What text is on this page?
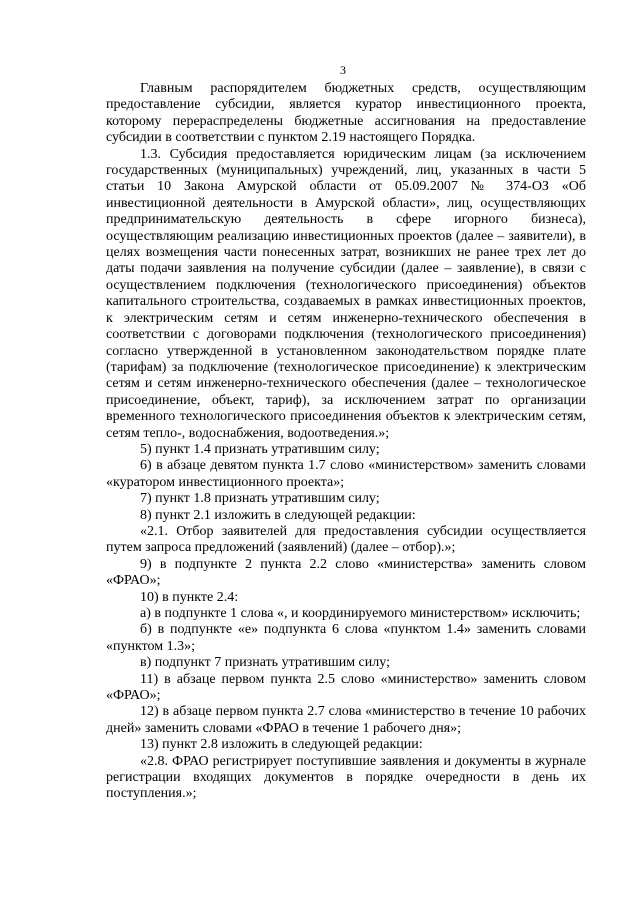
3

Главным распорядителем бюджетных средств, осуществляющим предоставление субсидии, является куратор инвестиционного проекта, которому перераспределены бюджетные ассигнования на предоставление субсидии в соответствии с пунктом 2.19 настоящего Порядка.

1.3. Субсидия предоставляется юридическим лицам (за исключением государственных (муниципальных) учреждений, лиц, указанных в части 5 статьи 10 Закона Амурской области от 05.09.2007 № 374-ОЗ «Об инвестиционной деятельности в Амурской области», лиц, осуществляющих предпринимательскую деятельность в сфере игорного бизнеса), осуществляющим реализацию инвестиционных проектов (далее – заявители), в целях возмещения части понесенных затрат, возникших не ранее трех лет до даты подачи заявления на получение субсидии (далее – заявление), в связи с осуществлением подключения (технологического присоединения) объектов капитального строительства, создаваемых в рамках инвестиционных проектов, к электрическим сетям и сетям инженерно-технического обеспечения в соответствии с договорами подключения (технологического присоединения) согласно утвержденной в установленном законодательством порядке плате (тарифам) за подключение (технологическое присоединение) к электрическим сетям и сетям инженерно-технического обеспечения (далее – технологическое присоединение, объект, тариф), за исключением затрат по организации временного технологического присоединения объектов к электрическим сетям, сетям тепло-, водоснабжения, водоотведения.»;

5) пункт 1.4 признать утратившим силу;

6) в абзаце девятом пункта 1.7 слово «министерством» заменить словами «куратором инвестиционного проекта»;

7) пункт 1.8 признать утратившим силу;

8) пункт 2.1 изложить в следующей редакции:

«2.1. Отбор заявителей для предоставления субсидии осуществляется путем запроса предложений (заявлений) (далее – отбор).»;

9) в подпункте 2 пункта 2.2 слово «министерства» заменить словом «ФРАО»;

10) в пункте 2.4:

а) в подпункте 1 слова «, и координируемого министерством» исключить;

б) в подпункте «е» подпункта 6 слова «пунктом 1.4» заменить словами «пунктом 1.3»;

в) подпункт 7 признать утратившим силу;

11) в абзаце первом пункта 2.5 слово «министерство» заменить словом «ФРАО»;

12) в абзаце первом пункта 2.7 слова «министерство в течение 10 рабочих дней» заменить словами «ФРАО в течение 1 рабочего дня»;

13) пункт 2.8 изложить в следующей редакции:

«2.8. ФРАО регистрирует поступившие заявления и документы в журнале регистрации входящих документов в порядке очередности в день их поступления.»;
